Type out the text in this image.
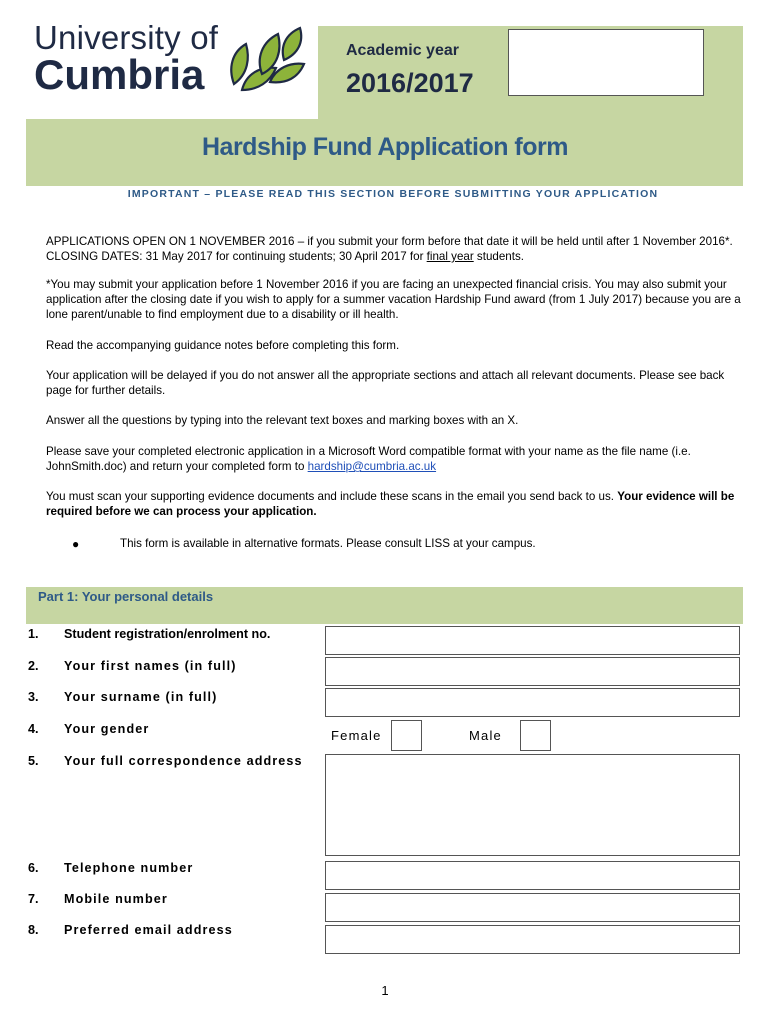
University of
Cumbria
Academic year
2016/2017
Hardship Fund Application form
IMPORTANT – PLEASE READ THIS SECTION BEFORE SUBMITTING YOUR APPLICATION
APPLICATIONS OPEN ON 1 NOVEMBER 2016 – if you submit your form before that date it will be held until after 1 November 2016*. CLOSING DATES: 31 May 2017 for continuing students; 30 April 2017 for final year students.
*You may submit your application before 1 November 2016 if you are facing an unexpected financial crisis. You may also submit your application after the closing date if you wish to apply for a summer vacation Hardship Fund award (from 1 July 2017) because you are a lone parent/unable to find employment due to a disability or ill health.
Read the accompanying guidance notes before completing this form.
Your application will be delayed if you do not answer all the appropriate sections and attach all relevant documents. Please see back page for further details.
Answer all the questions by typing into the relevant text boxes and marking boxes with an X.
Please save your completed electronic application in a Microsoft Word compatible format with your name as the file name (i.e. JohnSmith.doc) and return your completed form to hardship@cumbria.ac.uk
You must scan your supporting evidence documents and include these scans in the email you send back to us. Your evidence will be required before we can process your application.
●	This form is available in alternative formats. Please consult LISS at your campus.
Part 1: Your personal details
1. Student registration/enrolment no.
2. Your first names (in full)
3. Your surname (in full)
4. Your gender	Female	Male
5. Your full correspondence address
6. Telephone number
7. Mobile number
8. Preferred email address
1
